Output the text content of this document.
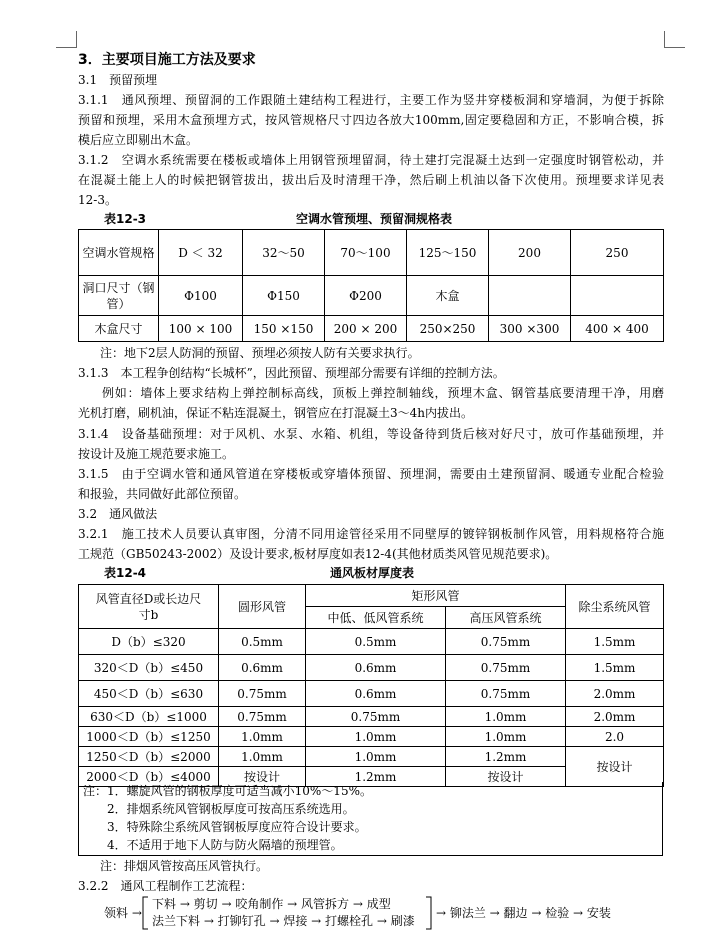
3．主要项目施工方法及要求
3.1　预留预埋
3.1.1　通风预埋、预留洞的工作跟随土建结构工程进行，主要工作为竖井穿楼板洞和穿墙洞，为便于拆除
预留和预埋，采用木盒预埋方式，按风管规格尺寸四边各放大100mm,固定要稳固和方正，不影响合模，拆
模后应立即剔出木盒。
3.1.2　空调水系统需要在楼板或墙体上用钢管预埋留洞，待土建打完混凝土达到一定强度时钢管松动，并
在混凝土能上人的时候把钢管拔出，拔出后及时清理干净，然后刷上机油以备下次使用。预埋要求详见表
12-3。
表12-3	空调水管预埋、预留洞规格表
空调水管规格	D ＜ 32	32～50	70～100	125～150	200	250
洞口尺寸（钢管）	Φ100	Φ150	Φ200	木盒		
木盒尺寸	100 × 100	150 ×150	200 × 200	250×250	300 ×300	400 × 400
注：地下2层人防洞的预留、预埋必须按人防有关要求执行。
3.1.3　本工程争创结构“长城杯”，因此预留、预埋部分需要有详细的控制方法。
例如：墙体上要求结构上弹控制标高线，顶板上弹控制轴线，预埋木盒、钢管基底要清理干净，用磨
光机打磨，刷机油，保证不粘连混凝土，钢管应在打混凝土3～4h内拔出。
3.1.4　设备基础预埋：对于风机、水泵、水箱、机组，等设备待到货后核对好尺寸，放可作基础预埋，并
按设计及施工规范要求施工。
3.1.5　由于空调水管和通风管道在穿楼板或穿墙体预留、预埋洞，需要由土建预留洞、暖通专业配合检验
和报验，共同做好此部位预留。
3.2　通风做法
3.2.1　施工技术人员要认真审图，分清不同用途管径采用不同壁厚的镀锌钢板制作风管，用料规格符合施
工规范（GB50243-2002）及设计要求,板材厚度如表12-4(其他材质类风管见规范要求)。
表12-4	通风板材厚度表
风管直径D或长边尺寸b	圆形风管	矩形风管		除尘系统风管
		中低、低风管系统	高压风管系统	
D（b）≤320	0.5mm	0.5mm	0.75mm	1.5mm
320＜D（b）≤450	0.6mm	0.6mm	0.75mm	1.5mm
450＜D（b）≤630	0.75mm	0.6mm	0.75mm	2.0mm
630＜D（b）≤1000	0.75mm	0.75mm	1.0mm	2.0mm
1000＜D（b）≤1250	1.0mm	1.0mm	1.0mm	2.0
1250＜D（b）≤2000	1.0mm	1.0mm	1.2mm	按设计
2000＜D（b）≤4000	按设计	1.2mm	按设计	
注：1．螺旋风管的钢板厚度可适当减小10%～15%。
　　2．排烟系统风管钢板厚度可按高压系统选用。
　　3．特殊除尘系统风管钢板厚度应符合设计要求。
　　4．不适用于地下人防与防火隔墙的预埋管。
注：排烟风管按高压风管执行。
3.2.2　通风工程制作工艺流程：
领料 →
下料 → 剪切 → 咬角制作 → 风管拆方 → 成型
法兰下料 → 打铆钉孔 → 焊接 → 打螺栓孔 → 刷漆
→ 铆法兰 → 翻边 → 检验 → 安装
